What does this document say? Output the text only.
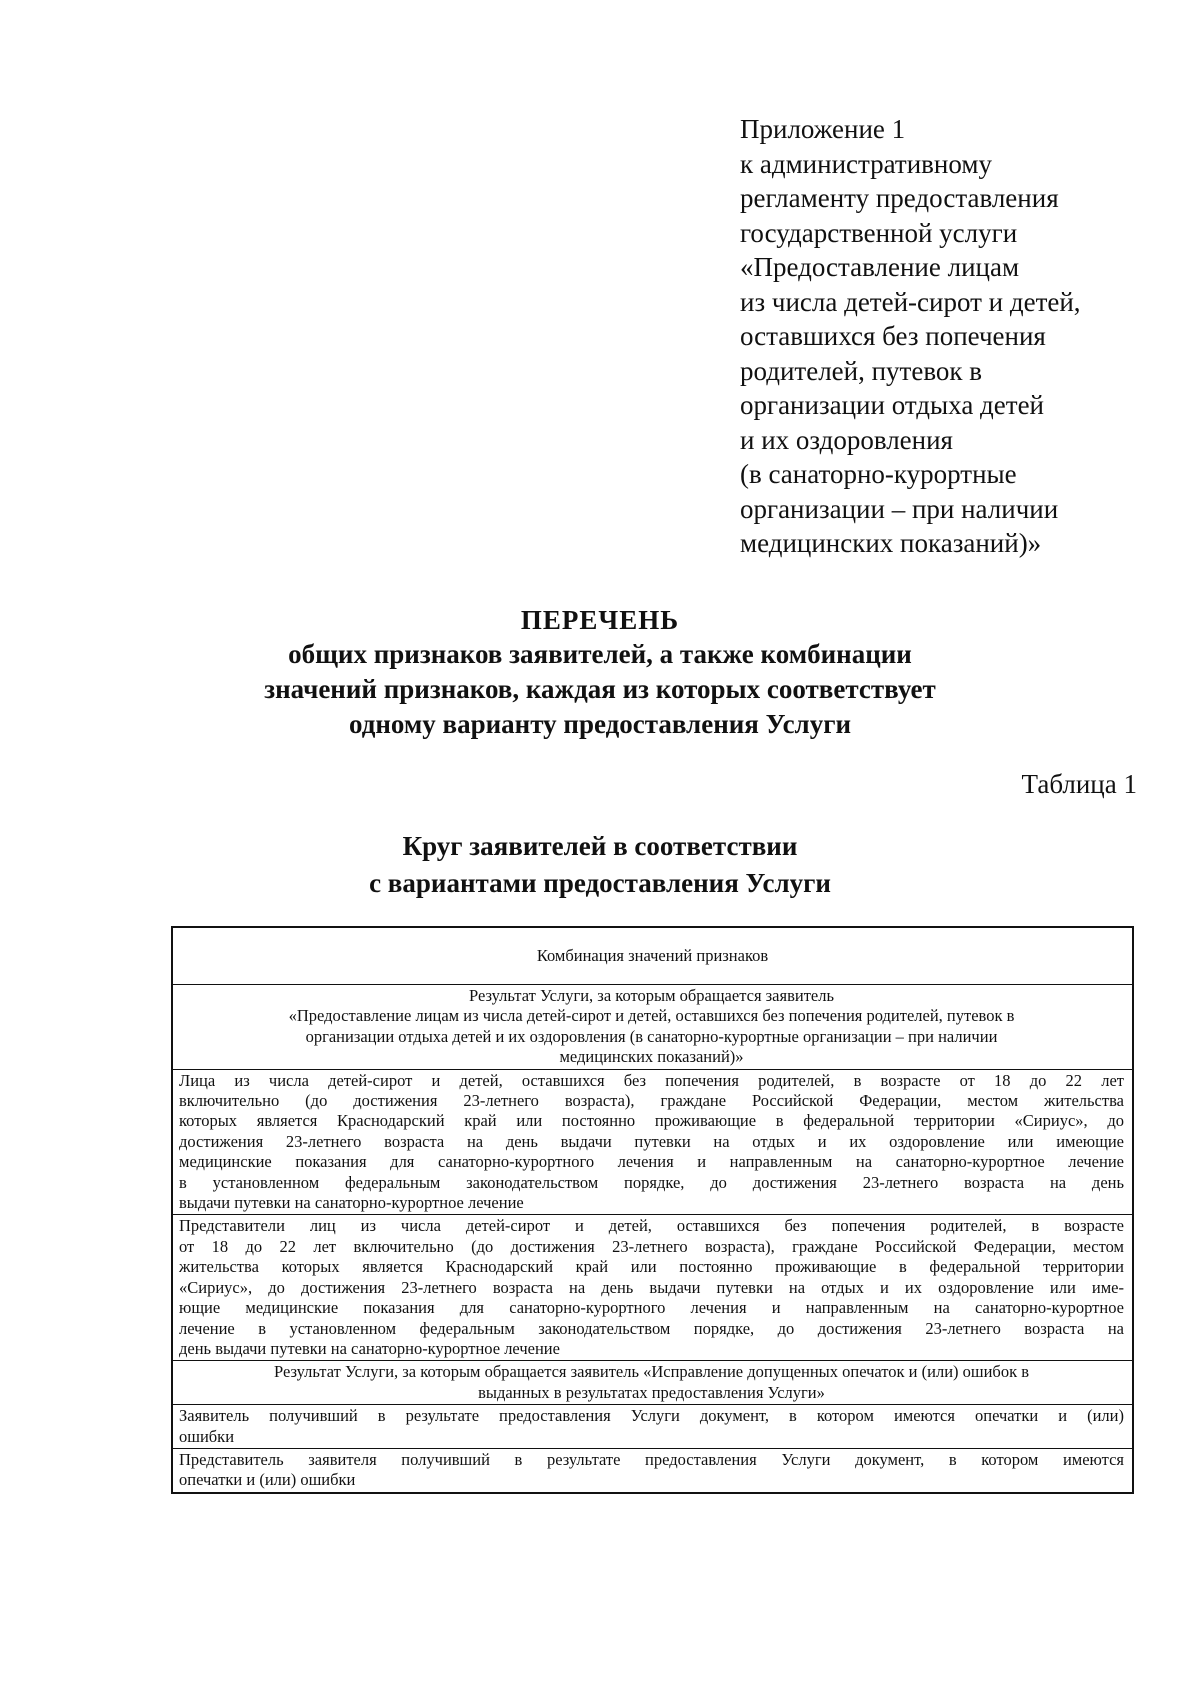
Приложение 1
к административному
регламенту предоставления
государственной услуги
«Предоставление лицам
из числа детей-сирот и детей,
оставшихся без попечения
родителей, путевок в
организации отдыха детей
и их оздоровления
(в санаторно-курортные
организации – при наличии
медицинских показаний)»
ПЕРЕЧЕНЬ
общих признаков заявителей, а также комбинации
значений признаков, каждая из которых соответствует
одному варианту предоставления Услуги
Таблица 1
Круг заявителей в соответствии
с вариантами предоставления Услуги
Комбинация значений признаков
Результат Услуги, за которым обращается заявитель
«Предоставление лицам из числа детей-сирот и детей, оставшихся без попечения родителей, путевок в
организации отдыха детей и их оздоровления (в санаторно-курортные организации – при наличии
медицинских показаний)»
Лица из числа детей-сирот и детей, оставшихся без попечения родителей, в возрасте от 18 до 22 лет
включительно (до достижения 23-летнего возраста), граждане Российской Федерации, местом жительства
которых является Краснодарский край или постоянно проживающие в федеральной территории «Сириус», до
достижения 23-летнего возраста на день выдачи путевки на отдых и их оздоровление или имеющие
медицинские показания для санаторно-курортного лечения и направленным на санаторно-курортное лечение
в установленном федеральным законодательством порядке, до достижения 23-летнего возраста на день
выдачи путевки на санаторно-курортное лечение
Представители лиц из числа детей-сирот и детей, оставшихся без попечения родителей, в возрасте
от 18 до 22 лет включительно (до достижения 23-летнего возраста), граждане Российской Федерации, местом
жительства которых является Краснодарский край или постоянно проживающие в федеральной территории
«Сириус», до достижения 23-летнего возраста на день выдачи путевки на отдых и их оздоровление или име-
ющие медицинские показания для санаторно-курортного лечения и направленным на санаторно-курортное
лечение в установленном федеральным законодательством порядке, до достижения 23-летнего возраста на
день выдачи путевки на санаторно-курортное лечение
Результат Услуги, за которым обращается заявитель «Исправление допущенных опечаток и (или) ошибок в
выданных в результатах предоставления Услуги»
Заявитель получивший в результате предоставления Услуги документ, в котором имеются опечатки и (или)
ошибки
Представитель заявителя получивший в результате предоставления Услуги документ, в котором имеются
опечатки и (или) ошибки
